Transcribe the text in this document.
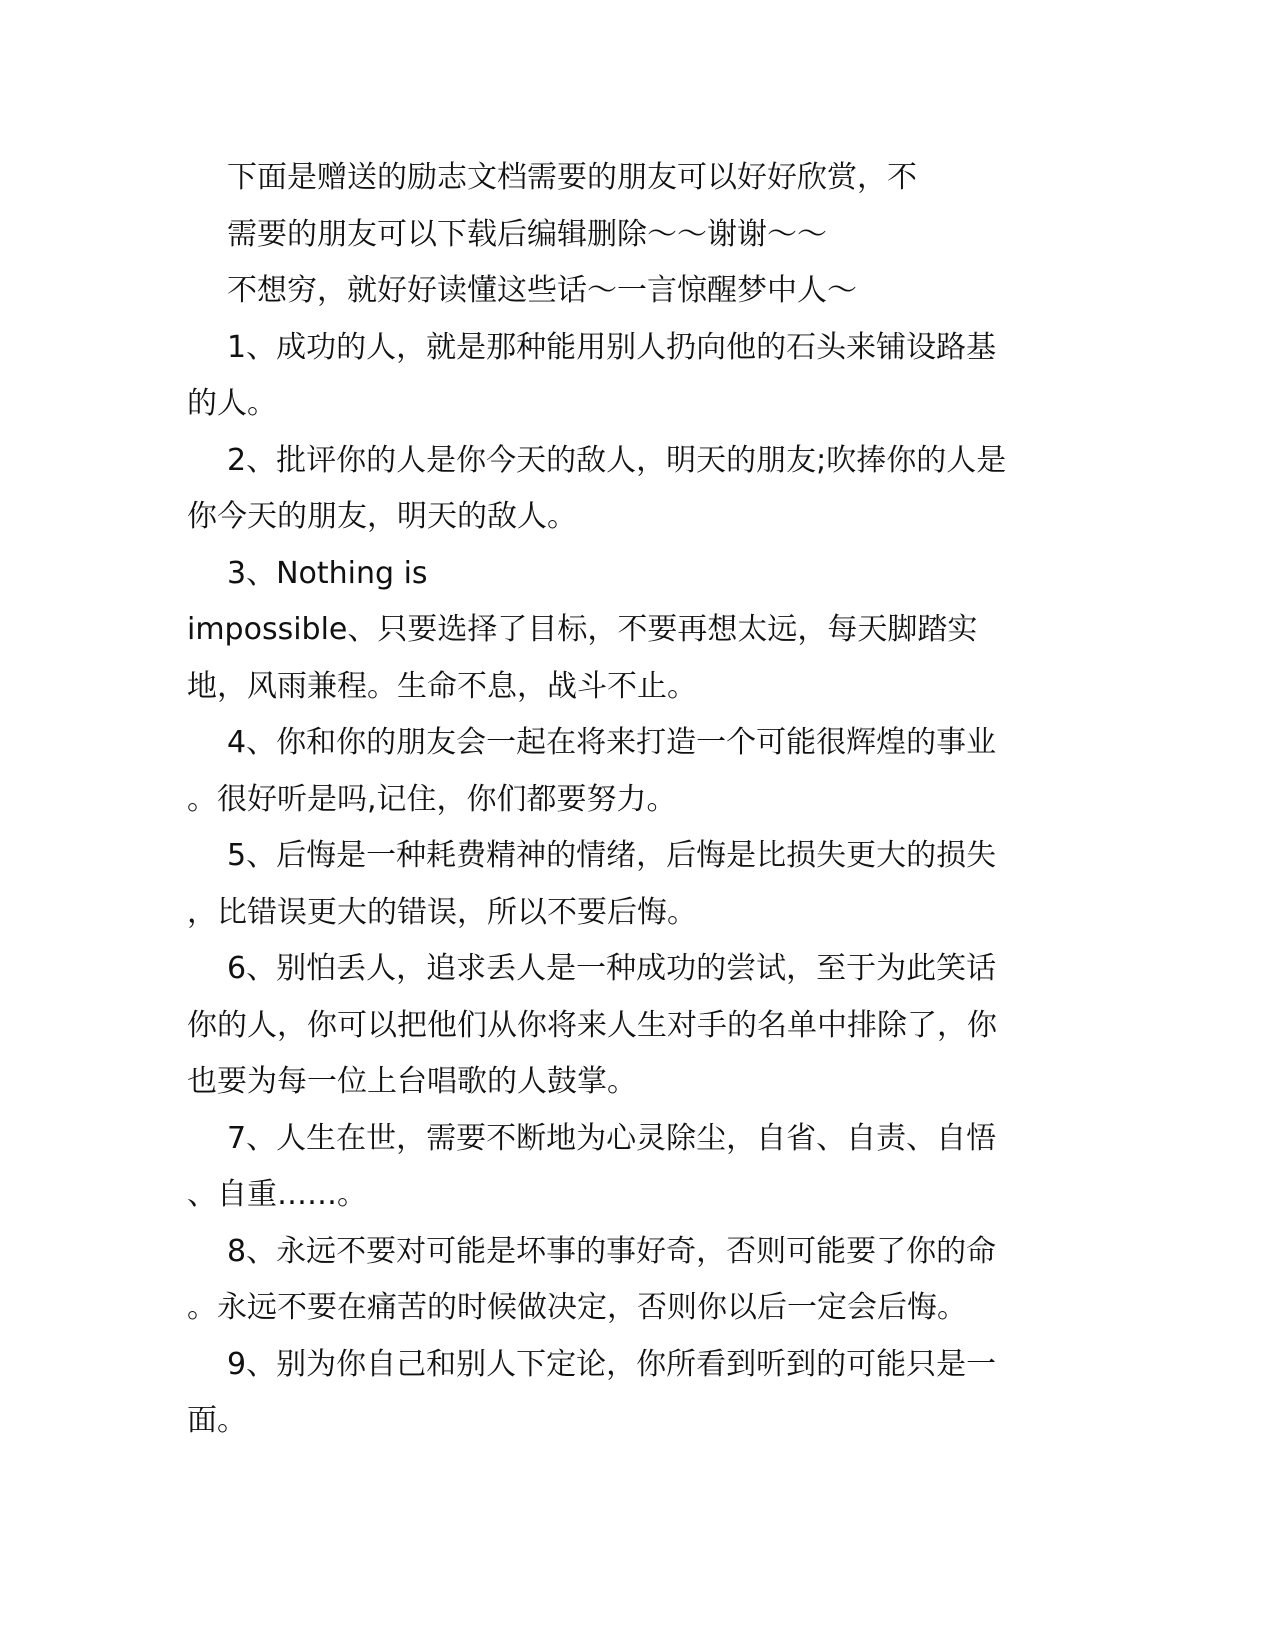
下面是赠送的励志文档需要的朋友可以好好欣赏，不
需要的朋友可以下载后编辑删除～～谢谢～～
不想穷，就好好读懂这些话～一言惊醒梦中人～
1、成功的人，就是那种能用别人扔向他的石头来铺设路基
的人。
2、批评你的人是你今天的敌人，明天的朋友;吹捧你的人是
你今天的朋友，明天的敌人。
3、Nothing is
impossible、只要选择了目标，不要再想太远，每天脚踏实
地，风雨兼程。生命不息，战斗不止。
4、你和你的朋友会一起在将来打造一个可能很辉煌的事业
。很好听是吗,记住，你们都要努力。
5、后悔是一种耗费精神的情绪，后悔是比损失更大的损失
，比错误更大的错误，所以不要后悔。
6、别怕丢人，追求丢人是一种成功的尝试，至于为此笑话
你的人，你可以把他们从你将来人生对手的名单中排除了，你
也要为每一位上台唱歌的人鼓掌。
7、人生在世，需要不断地为心灵除尘，自省、自责、自悟
、自重……。
8、永远不要对可能是坏事的事好奇，否则可能要了你的命
。永远不要在痛苦的时候做决定，否则你以后一定会后悔。
9、别为你自己和别人下定论，你所看到听到的可能只是一
面。
